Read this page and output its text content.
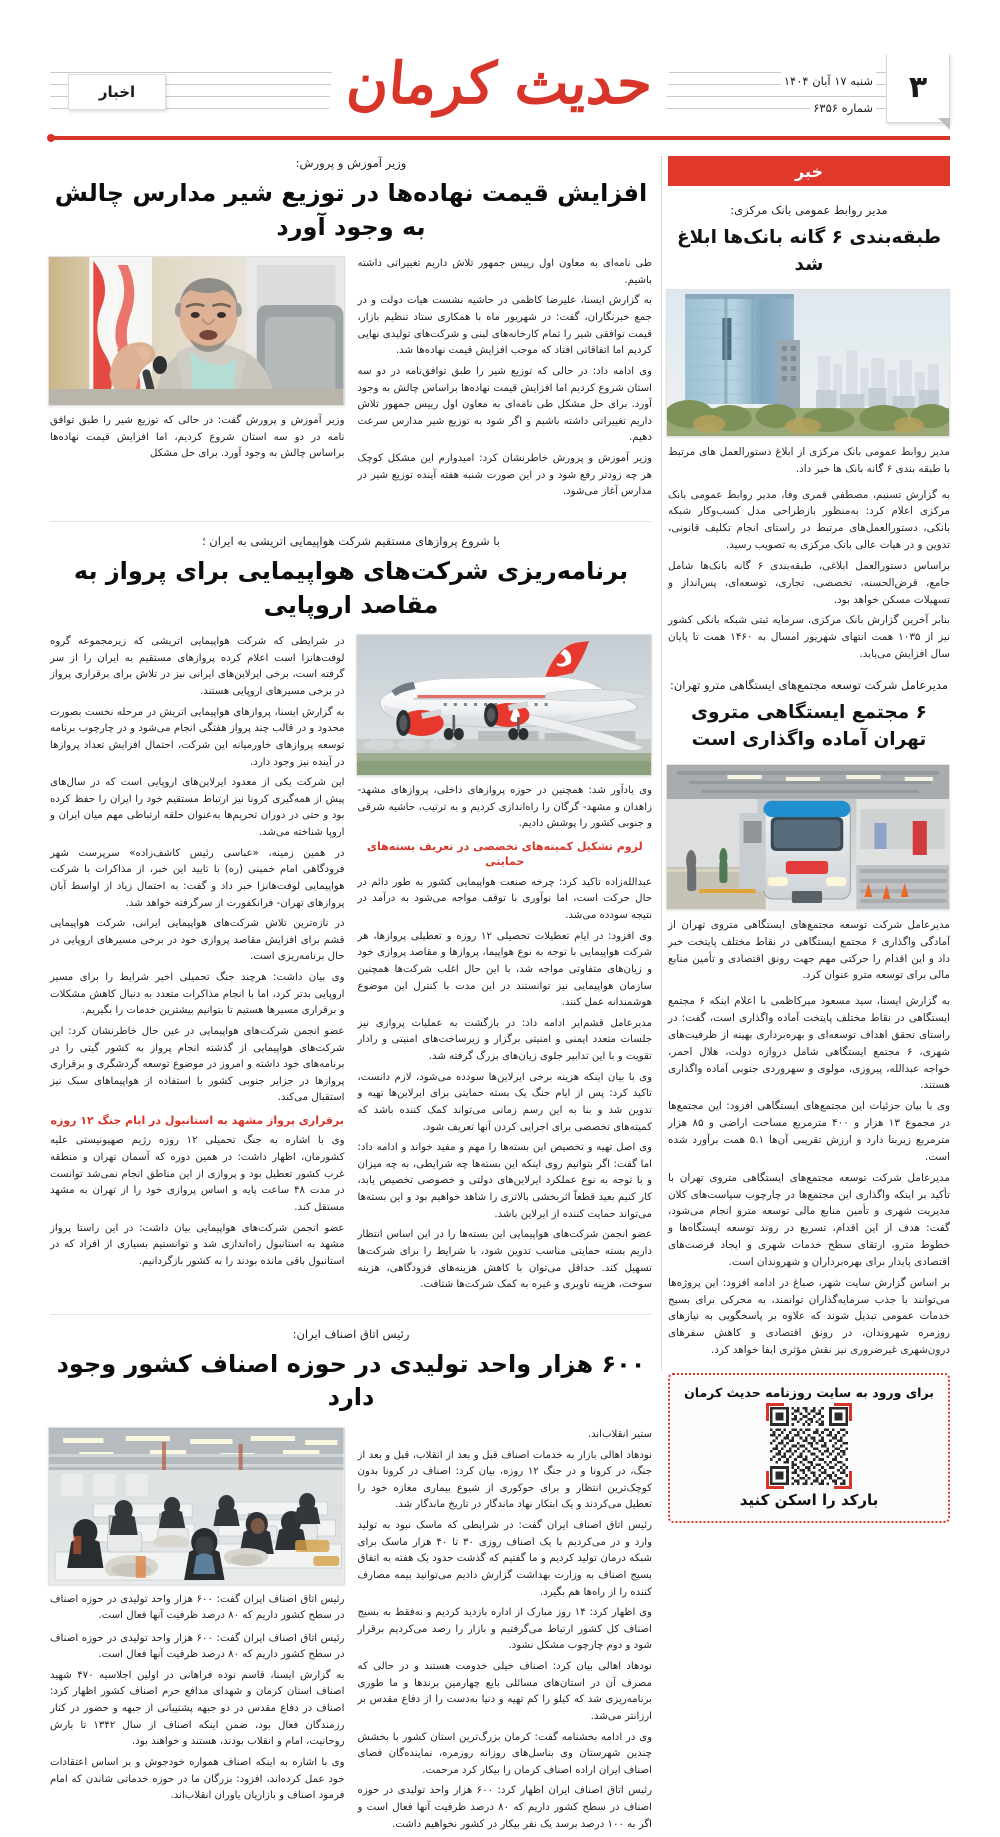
۳
شنبه ۱۷ آبان ۱۴۰۴
شماره ۶۳۵۶
حدیث کرمان
اخبار
خبر
مدیر روابط عمومی بانک مرکزی:
طبقه‌بندی ۶ گانه بانک‌ها ابلاغ شد
مدیر روابط عمومی بانک مرکزی از ابلاغ دستورالعمل های مرتبط با طبقه بندی ۶ گانه بانک ها خبر داد.

به گزارش تسنیم، مصطفی قمری وفا، مدیر روابط عمومی بانک مرکزی اعلام کرد: به‌منظور بازطراحی مدل کسب‌وکار شبکه بانکی، دستورالعمل‌های مرتبط در راستای انجام تکلیف قانونی، تدوین و در هیات عالی بانک مرکزی به تصویب رسید.

براساس دستورالعمل ابلاغی، طبقه‌بندی ۶ گانه بانک‌ها شامل جامع، قرض‌الحسنه، تخصصی، تجاری، توسعه‌ای، پس‌انداز و تسهیلات مسکن خواهد بود.

بنابر آخرین گزارش بانک مرکزی، سرمایه ثبتی شبکه بانکی کشور نیز از ۱۰۳۵ همت انتهای شهریور امسال به ۱۴۶۰ همت تا پایان سال افزایش می‌یابد.

مدیرعامل شرکت توسعه مجتمع‌های ایستگاهی مترو تهران:
۶ مجتمع ایستگاهی متروی تهران آماده واگذاری است
مدیرعامل شرکت توسعه مجتمع‌های ایستگاهی متروی تهران از آمادگی واگذاری ۶ مجتمع ایستگاهی در نقاط مختلف پایتخت خبر داد و این اقدام را حرکتی مهم جهت رونق اقتصادی و تأمین منابع مالی برای توسعه مترو عنوان کرد.

به گزارش ایسنا، سید مسعود میرکاظمی با اعلام اینکه ۶ مجتمع ایستگاهی در نقاط مختلف پایتخت آماده واگذاری است، گفت: در راستای تحقق اهداف توسعه‌ای و بهره‌برداری بهینه از ظرفیت‌های شهری، ۶ مجتمع ایستگاهی شامل دروازه دولت، هلال احمر، خواجه عبدالله، پیروزی، مولوی و سهروردی جنوبی آماده واگذاری هستند.

وی با بیان جزئیات این مجتمع‌های ایستگاهی افزود: این مجتمع‌ها در مجموع ۱۳ هزار و ۴۰۰ مترمربع مساحت اراضی و ۸۵ هزار مترمربع زیربنا دارد و ارزش تقریبی آن‌ها ۵.۱ همت برآورد شده است.

مدیرعامل شرکت توسعه مجتمع‌های ایستگاهی متروی تهران با تأکید بر اینکه واگذاری این مجتمع‌ها در چارچوب سیاست‌های کلان مدیریت شهری و تأمین منابع مالی توسعه مترو انجام می‌شود، گفت: هدف از این اقدام، تسریع در روند توسعه ایستگاه‌ها و خطوط مترو، ارتقای سطح خدمات شهری و ایجاد فرصت‌های اقتصادی پایدار برای بهره‌برداران و شهروندان است.

بر اساس گزارش سایت شهر، صباغ در ادامه افزود: این پروژه‌ها می‌توانند با جذب سرمایه‌گذاران توانمند، به محرکی برای بسیج خدمات عمومی تبدیل شوند که علاوه بر پاسخگویی به نیازهای روزمره شهروندان، در رونق اقتصادی و کاهش سفرهای درون‌شهری غیرضروری نیز نقش مؤثری ایفا خواهد کرد.

برای ورود به سایت روزنامه حدیث کرمان
بارکد را اسکن کنید
وزیر آموزش و پرورش:
افزایش قیمت نهاده‌ها در توزیع شیر مدارس چالش به وجود آورد

طی نامه‌ای به معاون اول رییس جمهور تلاش داریم تغییراتی داشته باشیم.

به گزارش ایسنا، علیرضا کاظمی در حاشیه نشست هیات دولت و در جمع خبرنگاران، گفت: در شهریور ماه با همکاری ستاد تنظیم بازار، قیمت توافقی شیر را تمام کارخانه‌های لبنی و شرکت‌های تولیدی نهایی کردیم اما اتفاقاتی افتاد که موجب افزایش قیمت نهاده‌ها شد.

وی ادامه داد: در حالی که توزیع شیر را طبق توافق‌نامه در دو سه استان شروع کردیم اما افزایش قیمت نهاده‌ها براساس چالش به وجود آورد. برای حل مشکل طی نامه‌ای به معاون اول رییس جمهور تلاش داریم تغییراتی داشته باشیم و اگر شود به توزیع شیر مدارس سرعت دهیم.

وزیر آموزش و پرورش خاطرنشان کرد: امیدوارم این مشکل کوچک هر چه زودتر رفع شود و در این صورت شنبه هفته آینده توزیع شیر در مدارس آغاز می‌شود.

وزیر آموزش و پرورش گفت: در حالی که توزیع شیر را طبق توافق نامه در دو سه استان شروع کردیم، اما افزایش قیمت نهاده‌ها براساس چالش به وجود آورد. برای حل مشکل
با شروع پروازهای مستقیم شرکت هواپیمایی اتریشی به ایران ؛
برنامه‌ریزی شرکت‌های هواپیمایی برای پرواز به مقاصد اروپایی

وی یادآور شد: همچنین در حوزه پروازهای داخلی، پروازهای مشهد- زاهدان و مشهد- گرگان را راه‌اندازی کردیم و به ترتیب، حاشیه شرقی و جنوبی کشور را پوشش دادیم.

لزوم تشکیل کمیته‌های تخصصی در تعریف بسته‌های حمایتی

عبدالله‌زاده تاکید کرد: چرخه صنعت هواپیمایی کشور به طور دائم در حال حرکت است، اما نوآوری با توقف مواجه می‌شود به درآمد در نتیجه سودده می‌شد.

وی افزود: در ایام تعطیلات تحصیلی ۱۲ روزه و تعطیلی پروازها، هر شرکت هواپیمایی با توجه به نوع هواپیما، پروازها و مقاصد پروازی خود و زیان‌های متفاوتی مواجه شد، با این حال اغلب شرکت‌ها همچنین سازمان هواپیمایی نیز توانستند در این مدت با کنترل این موضوع هوشمندانه عمل کنند.

مدیرعامل قشم‌ایر ادامه داد: در بازگشت به عملیات پروازی نیز جلسات متعدد ایمنی و امنیتی برگزار و زیرساخت‌های امنیتی و رادار تقویت و با این تدابیر جلوی زیان‌های بزرگ گرفته شد.

وی با بیان اینکه هزینه برخی ایرلاین‌ها سودده می‌شود، لازم دانست، تاکید کرد: پس از ایام جنگ یک بسته حمایتی برای ایرلاین‌ها تهیه و تدوین شد و بنا به این رسم زمانی می‌تواند کمک کننده باشد که کمیته‌های تخصصی برای اجرایی کردن آنها تعریف شود.

وی اصل تهیه و تخصیص این بسته‌ها را مهم و مفید خواند و ادامه داد: اما گفت: اگر بتوانیم روی اینکه این بسته‌ها چه شرایطی، به چه میزان و با توجه به نوع عملکرد ایرلاین‌های دولتی و خصوصی تخصیص یابد، کار کنیم بعید قطعاً اثربخشی بالاتری را شاهد خواهیم بود و این بسته‌ها می‌تواند حمایت کننده از ایرلاین باشد.

عضو انجمن شرکت‌های هواپیمایی این بسته‌ها را در این اساس انتظار داریم بسته حمایتی مناسب تدوین شود، با شرایط را برای شرکت‌ها تسهیل کند. حداقل می‌توان با کاهش هزینه‌های فرودگاهی، هزینه سوخت، هزینه ناوبری و غیره به کمک شرکت‌ها شتافت.

در شرایطی که شرکت هواپیمایی اتریشی که زیرمجموعه گروه لوفت‌هانزا است اعلام کرده پروازهای مستقیم به ایران را از سر گرفته است، برخی ایرلاین‌های ایرانی نیز در تلاش برای برقراری پرواز در برخی مسیرهای اروپایی هستند.

به گزارش ایسنا، پروازهای هواپیمایی اتریش در مرحله نخست بصورت محدود و در قالب چند پرواز هفتگی انجام می‌شود و در چارچوب برنامه توسعه پروازهای خاورمیانه این شرکت، احتمال افزایش تعداد پروازها در آینده نیز وجود دارد.

این شرکت یکی از معدود ایرلاین‌های اروپایی است که در سال‌های پیش از همه‌گیری کرونا نیز ارتباط مستقیم خود را ایران را حفظ کرده بود و حتی در دوران تحریم‌ها به‌عنوان حلقه ارتباطی مهم میان ایران و اروپا شناخته می‌شد.

در همین زمینه، «عباسی رئیس کاشف‌زاده» سرپرست شهر فرودگاهی امام خمینی (ره) با تایید این خبر، از مذاکرات با شرکت هواپیمایی لوفت‌هانزا خبر داد و گفت: به احتمال زیاد از اواسط آبان پروازهای تهران- فرانکفورت از سرگرفته خواهد شد.

در تازه‌ترین تلاش شرکت‌های هواپیمایی ایرانی، شرکت هواپیمایی قشم برای افزایش مقاصد پروازی خود در برخی مسیرهای اروپایی در حال برنامه‌ریزی است.

وی بیان داشت: هرچند جنگ تحمیلی اخیر شرایط را برای مسیر اروپایی بدتر کرد، اما با انجام مذاکرات متعدد به دنبال کاهش مشکلات و برقراری مسیرها هستیم تا بتوانیم بیشترین خدمات را بگیریم.

عضو انجمن شرکت‌های هواپیمایی در عین حال خاطرنشان کرد: این شرکت‌های هواپیمایی از گذشته انجام پرواز به کشور گیتی را در برنامه‌های خود داشته و امروز در موضوع توسعه گردشگری و برقراری پروازها در جزایر جنوبی کشور با استفاده از هواپیماهای سبک نیز استقبال می‌کند.

برقراری پرواز مشهد به استانبول در ایام جنگ ۱۲ روزه

وی با اشاره به جنگ تحمیلی ۱۲ روزه رژیم صهیونیستی علیه کشورمان، اظهار داشت: در همین دوره که آسمان تهران و منطقه غرب کشور تعطیل بود و پروازی از این مناطق انجام نمی‌شد توانست در مدت ۴۸ ساعت پایه و اساس پروازی خود را از تهران به مشهد مستقل کند.

عضو انجمن شرکت‌های هواپیمایی بیان داشت: در این راستا پرواز مشهد به استانبول راه‌اندازی شد و توانستیم بسیاری از افراد که در استانبول باقی مانده بودند را به کشور بازگردانیم.

رئیس اتاق اصناف ایران:
۶۰۰ هزار واحد تولیدی در حوزه اصناف کشور وجود دارد

ستیر انقلاب‌اند.

نودهاد اهالی بازار به خدمات اصناف قبل و بعد از انقلاب، قبل و بعد از جنگ، در کرونا و در جنگ ۱۲ روزه، بیان کرد: اصناف در کرونا بدون کوچک‌ترین انتظار و برای حوکوری از شیوع بیماری مغازه خود را تعطیل می‌کردند و یک ابتکار نهاد ماندگار در تاریخ ماندگار شد.

رئیس اتاق اصناف ایران گفت: در شرایطی که ماسک نبود به تولید وارد و در می‌کردیم با یک اصناف روزی ۳۰ تا ۴۰ هزار ماسک برای شبکه درمان تولید کردیم و ما گفتیم که گذشت حدود یک هفته به اتفاق بسیج اصناف به وزارت بهداشت گزارش دادیم می‌توانید بیمه مصارف کننده را از راه‌ها هم بگیرد.

وی اظهار کرد: ۱۴ روز مبارک از اداره بازدید کردیم و نه‌فقط به بسیج اصناف کل کشور ارتباط می‌گرفتیم و بازار را رصد می‌کردیم برقرار شود و دوم چارچوب مشکل نشود.

نودهاد اهالی بیان کرد: اصناف خیلی خدومت هستند و در حالی که مصرف آن در استان‌های مسائلی بایع چهارمین برندها و ما طوری برنامه‌ریزی شد که کیلو را کم تهیه و دنیا به‌دست را از دفاع مقدس بر ارزانتر می‌شد.

وی در ادامه بخشنامه گفت: کرمان بزرگ‌ترین استان کشور با بخشش چندین شهرستان وی بناسل‌های روزانه روزمره، نماینده‌گان فضای اصناف ایران اراده اصناف کرمان را بیکار کرد مرحمت.

رئیس اتاق اصناف ایران اظهار کرد: ۶۰۰ هزار واحد تولیدی در حوزه اصناف در سطح کشور داریم که ۸۰ درصد ظرفیت آنها فعال است و اگر به ۱۰۰ درصد برسد یک نفر بیکار در کشور نخواهیم داشت.

رئیس اتاق اصناف ایران گفت: ۶۰۰ هزار واحد تولیدی در حوزه اصناف در سطح کشور داریم که ۸۰ درصد ظرفیت آنها فعال است.

رئیس اتاق اصناف ایران گفت: ۶۰۰ هزار واحد تولیدی در حوزه اصناف در سطح کشور داریم که ۸۰ درصد ظرفیت آنها فعال است.

به گزارش ایسنا، قاسم نوده فراهانی در اولین اجلاسیه ۴۷۰ شهید اصناف استان کرمان و شهدای مدافع حرم اصناف کشور اظهار کرد: اصناف در دفاع مقدس در دو جبهه پشتیبانی از جبهه و حضور در کنار رزمندگان فعال بود، ضمن اینکه اصناف از سال ۱۳۴۲ تا بارش روحانیت، امام و انقلاب بودند، هستند و خواهند بود.

وی با اشاره به اینکه اصناف همواره خودجوش و بر اساس اعتقادات خود عمل کرده‌اند، افزود: بزرگان ما در حوزه خدماتی شاندن که امام فرمود اصناف و بازاریان یاوران انقلاب‌اند.
